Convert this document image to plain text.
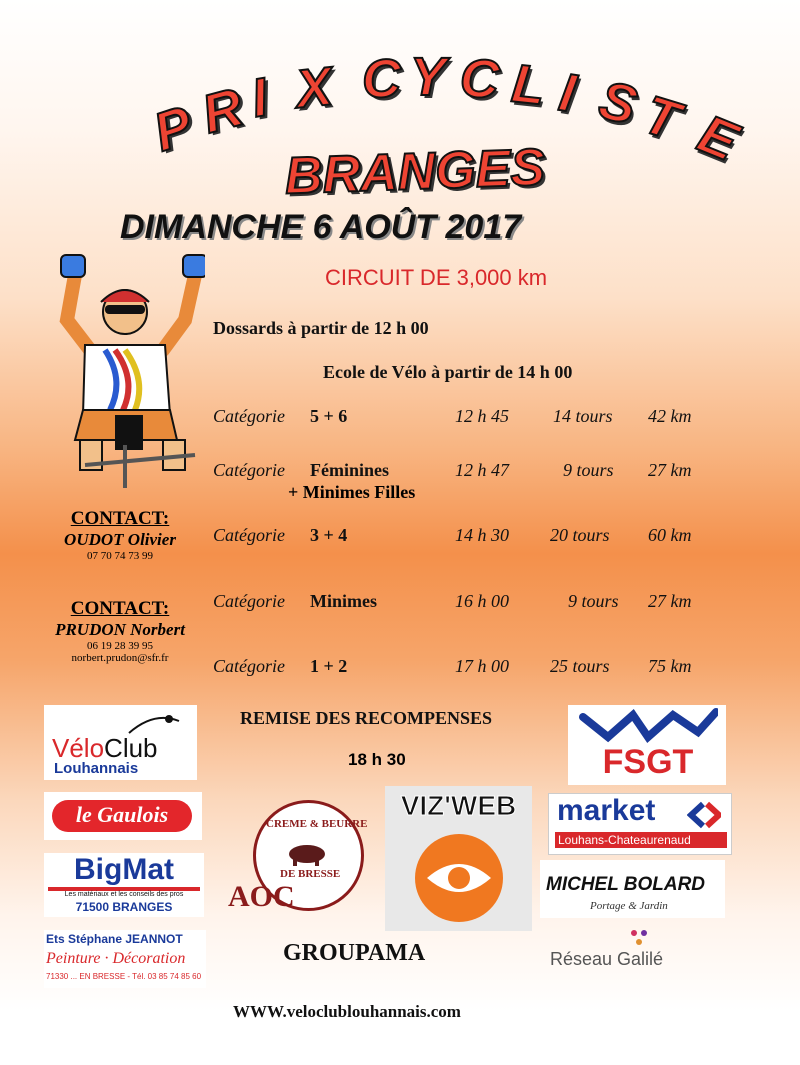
P
R
I X C Y C L I S
T E
BRANGES
DIMANCHE 6 AOÛT 2017
CIRCUIT DE 3,000 km
Dossards à partir de 12 h 00
Ecole de Vélo à partir de 14 h 00
Catégorie 5 + 6	12 h 45 14 tours 42 km
Catégorie Féminines	12 h 47	9 tours 27 km
+ Minimes Filles
Catégorie 3 + 4	14 h 30 20 tours 60 km
Catégorie Minimes	16 h 00	9 tours 27 km
Catégorie 1 + 2	17 h 00 25 tours 75 km
CONTACT:
OUDOT Olivier
07 70 74 73 99
CONTACT:
PRUDON Norbert
06 19 28 39 95
norbert.prudon@sfr.fr
REMISE DES RECOMPENSES
18 h 30
VéloClub
Louhannais	FSGT
le Gaulois	CREME & BEURRE
DE BRESSE
AOC
VIZ'WEB	market
Louhans-Chateaurenaud
BigMat
Les matériaux et les conseils des pros
71500 BRANGES
MICHEL BOLARD
Portage & Jardin
Ets Stéphane JEANNOT
Peinture · Décoration
71330 ... EN BRESSE - Tél. 03 85 74 85 60
GROUPAMA	Réseau Galilé
WWW.veloclublouhannais.com
